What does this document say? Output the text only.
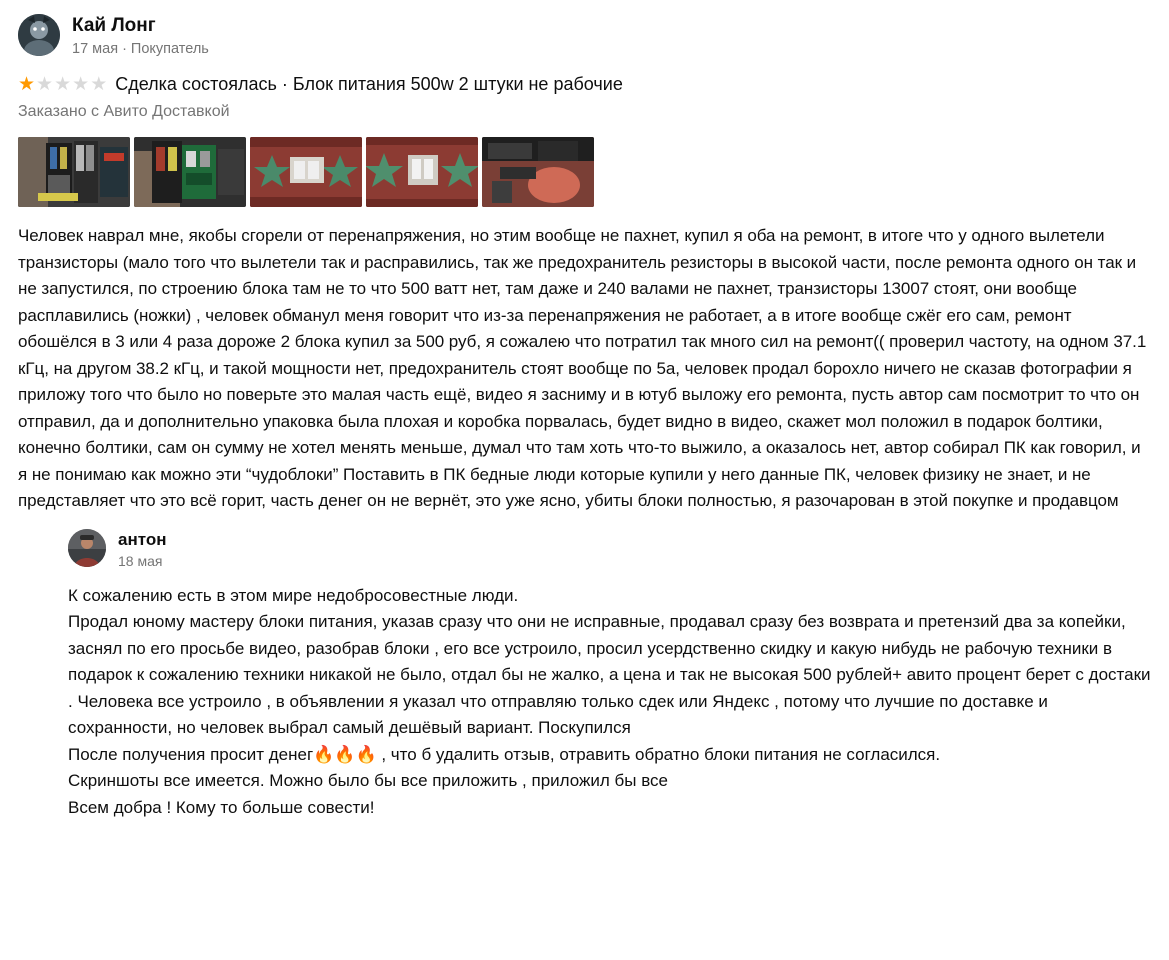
Кай Лонг
17 мая · Покупатель
★ ★ ★ ★ ★ Сделка состоялась · Блок питания 500w 2 штуки не рабочие
Заказано с Авито Доставкой
Человек наврал мне, якобы сгорели от перенапряжения, но этим вообще не пахнет, купил я оба на ремонт, в итоге что у одного вылетели транзисторы (мало того что вылетели так и расправились, так же предохранитель резисторы в высокой части, после ремонта одного он так и не запустился, по строению блока там не то что 500 ватт нет, там даже и 240 валами не пахнет, транзисторы 13007 стоят, они вообще расплавились (ножки) , человек обманул меня говорит что из-за перенапряжения не работает, а в итоге вообще сжёг его сам, ремонт обошёлся в 3 или 4 раза дороже 2 блока купил за 500 руб, я сожалею что потратил так много сил на ремонт(( проверил частоту, на одном 37.1 кГц, на другом 38.2 кГц, и такой мощности нет, предохранитель стоят вообще по 5а, человек продал борохло ничего не сказав фотографии я приложу того что было но поверьте это малая часть ещё, видео я засниму и в ютуб выложу его ремонта, пусть автор сам посмотрит то что он отправил, да и дополнительно упаковка была плохая и коробка порвалась, будет видно в видео, скажет мол положил в подарок болтики, конечно болтики, сам он сумму не хотел менять меньше, думал что там хоть что-то выжило, а оказалось нет, автор собирал ПК как говорил, и я не понимаю как можно эти “чудоблоки” Поставить в ПК бедные люди которые купили у него данные ПК, человек физику не знает, и не представляет что это всё горит, часть денег он не вернёт, это уже ясно, убиты блоки полностью, я разочарован в этой покупке и продавцом
антон
18 мая

К сожалению есть в этом мире недобросовестные люди.

Продал юному мастеру блоки питания, указав сразу что они не исправные, продавал сразу без возврата и претензий два за копейки, заснял по его просьбе видео, разобрав блоки , его все устроило, просил усердственно скидку и какую нибудь не рабочую техники в подарок к сожалению техники никакой не было, отдал бы не жалко, а цена и так не высокая 500 рублей+ авито процент берет с достаки . Человека все устроило , в объявлении я указал что отправляю только сдек или Яндекс , потому что лучшие по доставке и сохранности, но человек выбрал самый дешёвый вариант. Поскупился

После получения просит денег🔥🔥🔥 , что б удалить отзыв, отравить обратно блоки питания не согласился.

Скриншоты все имеется. Можно было бы все приложить , приложил бы все

Всем добра ! Кому то больше совести!
